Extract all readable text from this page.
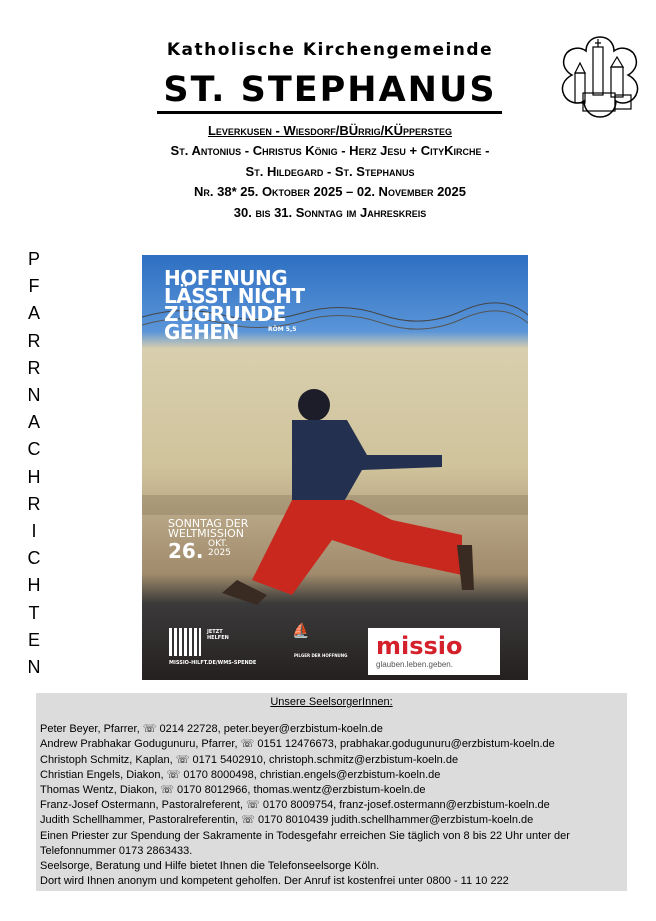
Katholische Kirchengemeinde
ST. STEPHANUS
Leverkusen - Wiesdorf/BÜrrig/KÜppersteg
St. Antonius - Christus König - Herz Jesu + CityKirche -
St. Hildegard - St. Stephanus
Nr. 38* 25. Oktober 2025 – 02. November 2025
30. bis 31. Sonntag im Jahreskreis
P
F
A
R
R
N
A
C
H
R
I
C
H
T
E
N
HOFFNUNG
LÄSST NICHT
ZUGRUNDE
GEHEN	RÖM 5,5
SONNTAG DER
WELTMISSION
26. OKT.
2025
JETZT
HELFEN
MISSIO-HILFT.DE/WMS-SPENDE
⛵
PILGER DER HOFFNUNG missio
glauben.leben.geben.
Unsere SeelsorgerInnen:
Peter Beyer, Pfarrer, ☏ 0214 22728, peter.beyer@erzbistum-koeln.de
Andrew Prabhakar Godugunuru, Pfarrer, ☏ 0151 12476673, prabhakar.godugunuru@erzbistum-koeln.de
Christoph Schmitz, Kaplan, ☏ 0171 5402910, christoph.schmitz@erzbistum-koeln.de
Christian Engels, Diakon, ☏ 0170 8000498, christian.engels@erzbistum-koeln.de
Thomas Wentz, Diakon, ☏ 0170 8012966, thomas.wentz@erzbistum-koeln.de
Franz-Josef Ostermann, Pastoralreferent, ☏ 0170 8009754, franz-josef.ostermann@erzbistum-koeln.de
Judith Schellhammer, Pastoralreferentin, ☏ 0170 8010439 judith.schellhammer@erzbistum-koeln.de
Einen Priester zur Spendung der Sakramente in Todesgefahr erreichen Sie täglich von 8 bis 22 Uhr unter der
Telefonnummer 0173 2863433.
Seelsorge, Beratung und Hilfe bietet Ihnen die Telefonseelsorge Köln.
Dort wird Ihnen anonym und kompetent geholfen. Der Anruf ist kostenfrei unter 0800 - 11 10 222
